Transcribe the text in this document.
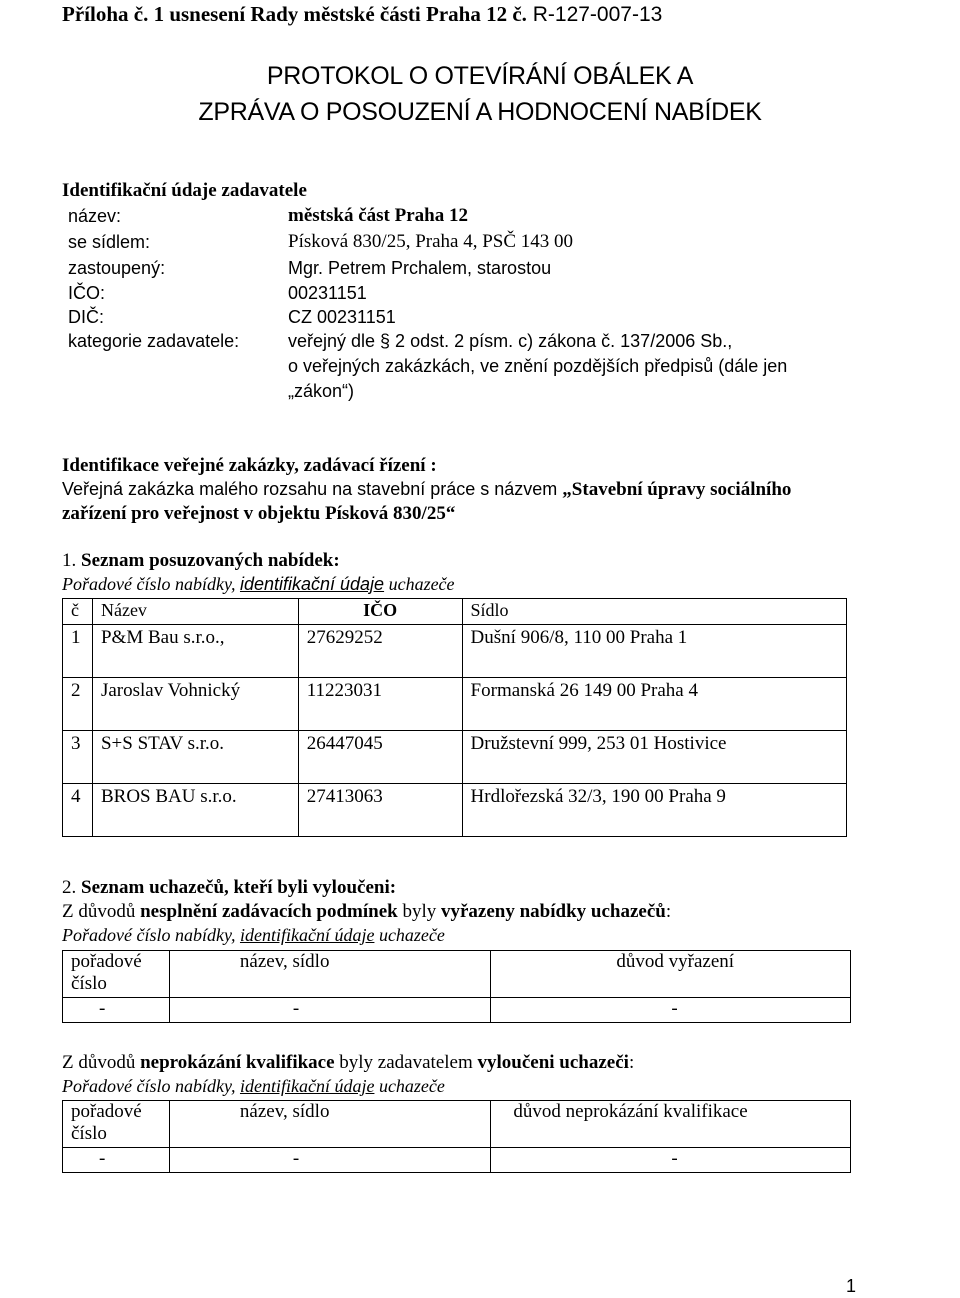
Příloha č. 1 usnesení Rady městské části Praha 12 č. R-127-007-13
PROTOKOL O OTEVÍRÁNÍ OBÁLEK A
ZPRÁVA O POSOUZENÍ A HODNOCENÍ NABÍDEK
Identifikační údaje zadavatele
název:	městská část Praha 12
se sídlem:	Písková 830/25, Praha 4, PSČ 143 00
zastoupený:	Mgr. Petrem Prchalem, starostou
IČO:	00231151
DIČ:	CZ 00231151
kategorie zadavatele:	veřejný dle § 2 odst. 2 písm. c) zákona č. 137/2006 Sb.,
o veřejných zakázkách, ve znění pozdějších předpisů (dále jen
„zákon“)
Identifikace veřejné zakázky, zadávací řízení :
Veřejná zakázka malého rozsahu na stavební práce s názvem „Stavební úpravy sociálního
zařízení pro veřejnost v objektu Písková 830/25“
1. Seznam posuzovaných nabídek:
Pořadové číslo nabídky, identifikační údaje uchazeče
č	Název	IČO	Sídlo
1	P&M Bau s.r.o.,	27629252	Dušní 906/8, 110 00 Praha 1
2	Jaroslav Vohnický	11223031	Formanská 26 149 00 Praha 4
3	S+S STAV s.r.o.	26447045	Družstevní 999, 253 01 Hostivice
4	BROS BAU s.r.o.	27413063	Hrdlořezská 32/3, 190 00 Praha 9
2. Seznam uchazečů, kteří byli vyloučeni:
Z důvodů nesplnění zadávacích podmínek byly vyřazeny nabídky uchazečů:
Pořadové číslo nabídky, identifikační údaje uchazeče
pořadové
číslo	název, sídlo	důvod vyřazení
-	-	-
Z důvodů neprokázání kvalifikace byly zadavatelem vyloučeni uchazeči:
Pořadové číslo nabídky, identifikační údaje uchazeče
pořadové
číslo	název, sídlo	důvod neprokázání kvalifikace
-	-	-
1
